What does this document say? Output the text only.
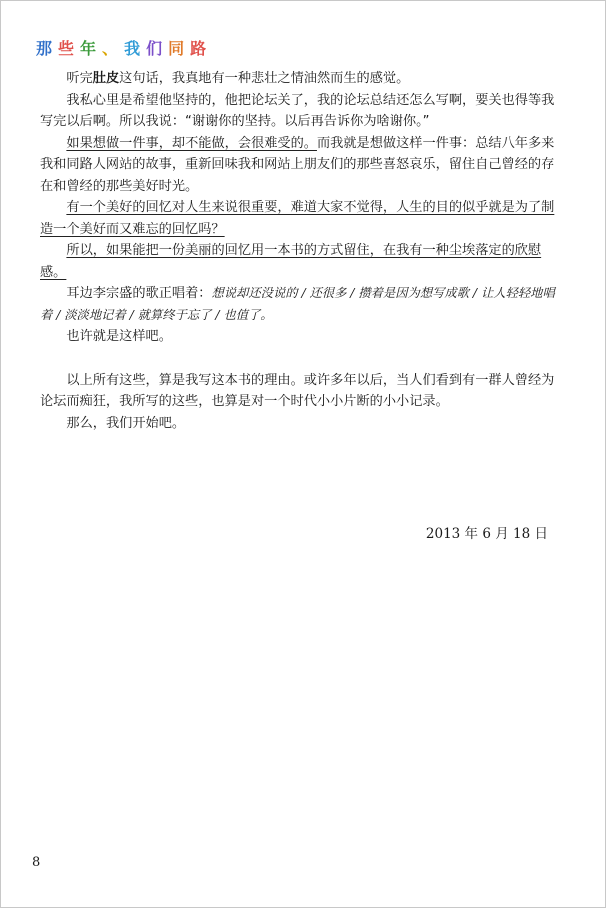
那些年、我们同路

听完肚皮这句话，我真地有一种悲壮之情油然而生的感觉。

我私心里是希望他坚持的，他把论坛关了，我的论坛总结还怎么写啊，要关也得等我写完以后啊。所以我说：“谢谢你的坚持。以后再告诉你为啥谢你。”

如果想做一件事，却不能做，会很难受的。而我就是想做这样一件事：总结八年多来我和同路人网站的故事，重新回味我和网站上朋友们的那些喜怒哀乐，留住自己曾经的存在和曾经的那些美好时光。

有一个美好的回忆对人生来说很重要，难道大家不觉得，人生的目的似乎就是为了制造一个美好而又难忘的回忆吗？

所以，如果能把一份美丽的回忆用一本书的方式留住，在我有一种尘埃落定的欣慰感。

耳边李宗盛的歌正唱着：想说却还没说的 / 还很多 / 攒着是因为想写成歌 / 让人轻轻地唱着 / 淡淡地记着 / 就算终于忘了 / 也值了。

也许就是这样吧。

以上所有这些，算是我写这本书的理由。或许多年以后，当人们看到有一群人曾经为论坛而痴狂，我所写的这些，也算是对一个时代小小片断的小小记录。

那么，我们开始吧。

2013 年 6 月 18 日
8
